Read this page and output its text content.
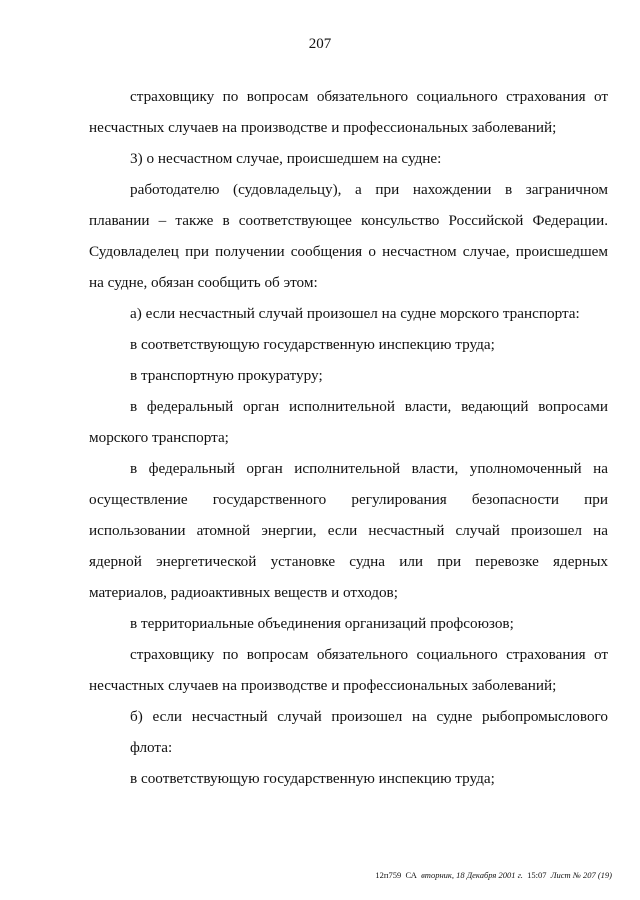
207

страховщику по вопросам обязательного социального страхования от несчастных случаев на производстве и профессиональных заболеваний;

3) о несчастном случае, происшедшем на судне:

работодателю (судовладельцу), а при нахождении в заграничном плавании – также в соответствующее консульство Российской Федерации. Судовладелец при получении сообщения о несчастном случае, происшедшем на судне, обязан сообщить об этом:

а) если несчастный случай произошел на судне морского транспорта:

в соответствующую государственную инспекцию труда;

в транспортную прокуратуру;

в федеральный орган исполнительной власти, ведающий вопросами морского транспорта;

в федеральный орган исполнительной власти, уполномоченный на осуществление государственного регулирования безопасности при использовании атомной энергии, если несчастный случай произошел на ядерной энергетической установке судна или при перевозке ядерных материалов, радиоактивных веществ и отходов;

в территориальные объединения организаций профсоюзов;

страховщику по вопросам обязательного социального страхования от несчастных случаев на производстве и профессиональных заболеваний;

б) если несчастный случай произошел на судне рыбопромыслового флота:

в соответствующую государственную инспекцию труда;

12п759 СА вторник, 18 Декабря 2001 г. 15:07 Лист № 207 (19)
